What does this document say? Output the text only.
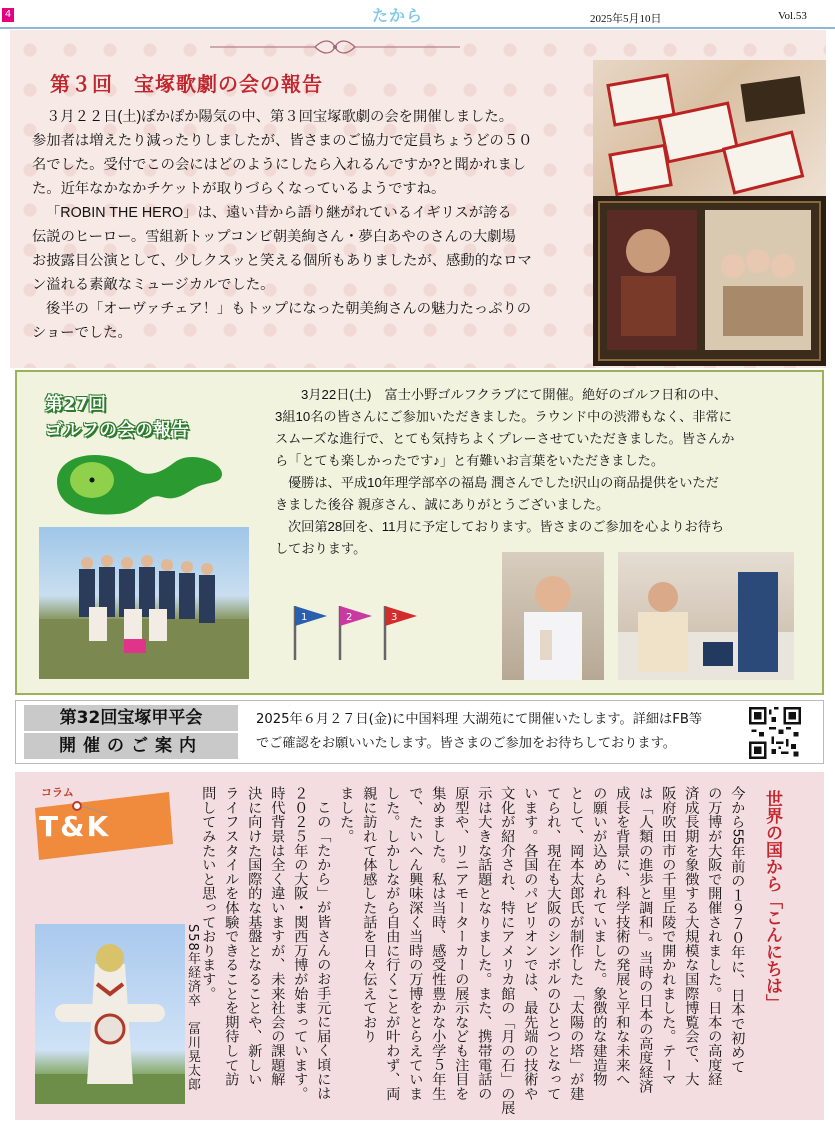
4	たから	2025年5月10日	Vol.53
第３回　宝塚歌劇の会の報告
３月２２日(土)ぽかぽか陽気の中、第３回宝塚歌劇の会を開催しました。
参加者は増えたり減ったりしましたが、皆さまのご協力で定員ちょうどの５０
名でした。受付でこの会にはどのようにしたら入れるんですか?と聞かれまし
た。近年なかなかチケットが取りづらくなっているようですね。
「ROBIN THE HERO」は、遠い昔から語り継がれているイギリスが誇る
伝説のヒーロー。雪組新トップコンビ朝美絢さん・夢白あやのさんの大劇場
お披露目公演として、少しクスッと笑える個所もありましたが、感動的なロマ
ン溢れる素敵なミュージカルでした。
後半の「オーヴァチェア！」もトップになった朝美絢さんの魅力たっぷりの
ショーでした。
第27回
ゴルフの会の報告
3月22日(土)　富士小野ゴルフクラブにて開催。絶好のゴルフ日和の中、
3組10名の皆さんにご参加いただきました。ラウンド中の渋滞もなく、非常に
スムーズな進行で、とても気持ちよくプレーさせていただきました。皆さんか
ら「とても楽しかったです♪」と有難いお言葉をいただきました。
優勝は、平成10年理学部卒の福島 潤さんでした!沢山の商品提供をいただ
きました後谷 親彦さん、誠にありがとうございました。
次回第28回を、11月に予定しております。皆さまのご参加を心よりお待ち
しております。
1	2	3
第32回宝塚甲平会
開催のご案内
2025年６月２７日(金)に中国料理 大湖苑にて開催いたします。詳細はFB等
でご確認をお願いいたします。皆さまのご参加をお待ちしております。
コラム
T&K	世界の国から「こんにちは」
今から55年前の１９７０年に、日本で初めて
の万博が大阪で開催されました。日本の高度経
済成長期を象徴する大規模な国際博覧会で、大
阪府吹田市の千里丘陵で開かれました。テーマ
は「人類の進歩と調和」。当時の日本の高度経済
成長を背景に、科学技術の発展と平和な未来へ
の願いが込められていました。象徴的な建造物
として、岡本太郎氏が制作した「太陽の塔」が建
てられ、現在も大阪のシンボルのひとつとなって
います。各国のパビリオンでは、最先端の技術や
文化が紹介され、特にアメリカ館の「月の石」の展
示は大きな話題となりました。また、携帯電話の
原型や、リニアモーターカーの展示なども注目を
集めました。私は当時、感受性豊かな小学５年生
で、たいへん興味深く当時の万博をとらえていま
した。しかしながら自由に行くことが叶わず、両
親に訪れて体感した話を日々伝えており
ました。
この「たから」が皆さんのお手元に届く頃には
２０２５年の大阪・関西万博が始まっています。
時代背景は全く違いますが、未来社会の課題解
決に向けた国際的な基盤となることや、新しい
ライフスタイルを体験できることを期待して訪
問してみたいと思っております。
S58年経済卒　冨川晃太郎
